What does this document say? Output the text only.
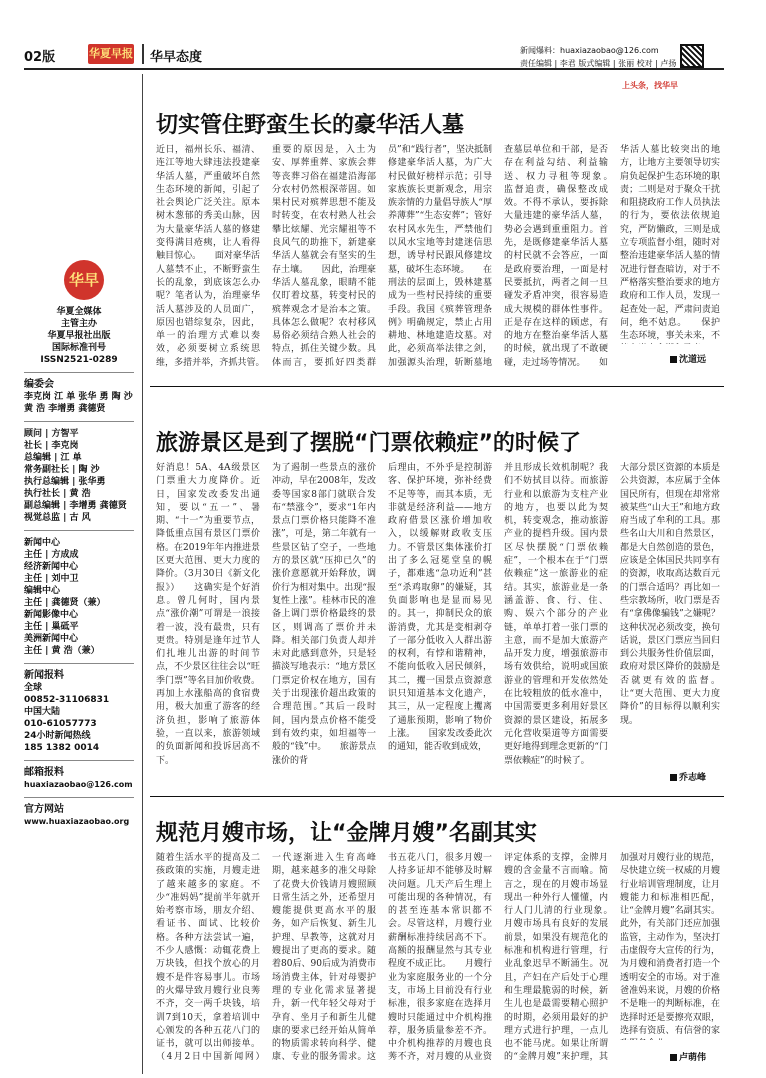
02版	华夏早报 华早态度	新闻爆料：huaxiazaobao@126.com
责任编辑 | 李君 版式编辑 | 张丽 校对 | 卢扬
上头条，找华早
华早
华夏全媒体
主管主办
华夏早报社出版
国际标准刊号
ISSN2521-0289
编委会
李克岗 江 单 张华 勇 陶 沙 黄 浩 李增勇 龚德贤
顾问 | 方智平
社长 | 李克岗
总编辑 | 江 单
常务副社长 | 陶 沙
执行总编辑 | 张华勇
执行社长 | 黄 浩
副总编辑 | 李增勇 龚德贤
视觉总监 | 古 风
新闻中心
主任 | 方成成
经济新闻中心
主任 | 刘中卫
编辑中心
主任 | 龚德贤（兼）
新闻影像中心
主任 | 巢砥平
美洲新闻中心
主任 | 黄 浩（兼）
新闻报料
全球
00852-31106831
中国大陆
010-61057773
24小时新闻热线
185 1382 0014
邮箱报料
huaxiazaobao@126.com
官方网站
www.huaxiazaobao.org
切实管住野蛮生长的豪华活人墓
近日，福州长乐、福清、连江等地大肆违法投建豪华活人墓，严重破坏自然生态环境的新闻，引起了社会舆论广泛关注。原本树木葱郁的秀美山脉，因为大量豪华活人墓的修建变得满目疮痍，让人看得触目惊心。　　面对豪华活人墓禁不止，不断野蛮生长的乱象，到底该怎么办呢？笔者认为，治理豪华活人墓涉及的人员面广，原因也错综复杂，因此，单一的治理方式难以奏效，必须要树立系统思维，多措并举，齐抓共管。　　
重要的原因是，入土为安、厚葬重葬、家族会葬等丧葬习俗在福建沿海部分农村仍然根深蒂固。如果村民对殡葬思想不能及时转变，在农村熟人社会攀比炫耀、光宗耀祖等不良风气的助推下，新建豪华活人墓就会有坚实的生存土壤。　　因此，治理豪华活人墓乱象，眼睛不能仅盯着坟墓，转变村民的殡葬观念才是治本之策。具体怎么做呢？农村移风易俗必须结合熟人社会的特点，抓住关键少数。具体而言，要抓好四类群
员”和“践行者”，坚决抵制修建豪华活人墓，为广大村民做好榜样示范；引导家族族长更新观念，用宗族亲情的力量倡导族人“厚养薄葬”“生态安葬”；管好农村风水先生，严禁他们以风水宝地等封建迷信思想，诱导村民跟风修建坟墓，破坏生态环境。　　在刑法的层面上，毁林建墓成为一些村民持续的重要手段。我国《殡葬管理条例》明确规定，禁止占用耕地、林地建造坟墓。对此，必须高举法律之剑，加强源头治理，斩断墓地
查墓层单位和干部，是否存在利益勾结、利益输送、权力寻租等现象。　　监督追责，确保整改成效。不得不承认，要拆除大量违建的豪华活人墓，势必会遇到重重阻力。首先，是既修建豪华活人墓的村民就不会答应，一面是政府要治理，一面是村民要抵抗，两者之间一旦碰发矛盾冲突，很容易造成大规模的群体性事件。正是存在这样的顾虑，有的地方在整治豪华活人墓的时候，就出现了不敢硬碰，走过场等情况。　　如
华活人墓比较突出的地方，让地方主要领导切实肩负起保护生态环境的职责；二则是对于聚众干扰和阻挠政府工作人员执法的行为，要依法依规追究，严防懒政，三则是成立专项监督小组，随时对整治违建豪华活人墓的情况进行督查暗访，对于不严格落实整治要求的地方政府和工作人员，发现一起查处一起，严肃问责追问，绝不姑息。　　保护生态环境，事关未来，不
沈道远
旅游景区是到了摆脱“门票依赖症”的时候了
好消息！5A、4A级景区门票重大力度降价。近日，国家发改委发出通知，要以“五一”、暑期、“十一”为重要节点，降低重点国有景区门票价格。在2019年年内推进景区更大范围、更大力度的降价。（3月30日《新文化报》）　　这确实是个好消息。曾几何时，国内景点“涨价潮”可谓是一浪接着一波，没有最贵，只有更贵。特别是逢年过节人们扎堆儿出游的时间节点，不少景区往往会以“旺季门票”等名目加价收费。再加上水涨船高的食宿费用，极大加重了游客的经济负担，影响了旅游体验，一直以来，旅游领域的负面新闻和投诉居高不下。
为了遏制一些景点的涨价冲动，早在2008年，发改委等国家8部门就联合发布“禁涨令”，要求“1年内景点门票价格只能降不准涨”，可是，第二年就有一些景区钻了空子，一些地方的景区就“压抑已久”的涨价意愿就开始释放，调价行为相对集中。出现“报复性上涨”。桂林市民的准备上调门票价格最终的景区，则调高了票价并未降。相关部门负责人却并未对此感到意外，只是轻描淡写地表示：“地方景区门票定价权在地方，国有关于出现涨价超出政策的合理范围。”其后一段时间，国内景点价格不能受到有效约束，如坦福等一般的“钱”中。　　旅游景点涨价的背
后理由，不外乎是控制游客、保护环境，弥补经费不足等等，而其本质，无非就是经济利益——地方政府借景区涨价增加收入，以缓解财政收支压力。不管景区集体涨价打出了多么冠冕堂皇的幌子，都难逃“急功近利”甚至“杀鸡取卵”的嫌疑，其负面影响也是显而易见的。其一，抑制民众的旅游消费，尤其是变相剥夺了一部分低收入人群出游的权利，有悖和谐精神，不能向低收入居民倾斜，其二，攫一国景点资源意识只知道基本文化遗产，其三，从一定程度上攫离了通胀预期，影响了物价上涨。　　国家发改委此次的通知，能否收到成效，
并且形成长效机制呢？我们不妨拭目以待。而旅游行业和以旅游为支柱产业的地方，也要以此为契机，转变观念，推动旅游产业的提档升级。国内景区尽快摆脱“门票依赖症”，一个根本在于“门票依赖症”这一旅游业的症结。其实，旅游业是一条涵盖游、食、行、住、购、娱六个部分的产业链，单单打着一张门票的主意，而不是加大旅游产品开发力度，增强旅游市场有效供给，说明或国旅游业的管理和开发依然处在比较粗放的低水准中，中国需要更多利用好景区资源的景区建设，拓展多元化营收渠道等方面需要更好地得到理念更新的“门票依赖症”的时候了。
大部分景区资源的本质是公共资源，本应属于全体国民所有，但现在却常常被某些“山大王”和地方政府当成了牟利的工具。那些名山大川和自然景区，都是大自然创造的景色，应该是全体国民共同享有的资源，收取高达数百元的门票合适吗？再比如一些宗教场所，收门票是否有“拿佛像骗钱”之嫌呢？这种状况必须改变，换句话说，景区门票应当回归到公共服务性价值层面，政府对景区降价的鼓励是否就更有效的监督。让“更大范围、更大力度降价”的目标得以顺利实现。
乔志峰
规范月嫂市场，让“金牌月嫂”名副其实
随着生活水平的提高及二孩政策的实施，月嫂走进了越来越多的家庭。不少“准妈妈”提前半年就开始考察市场，朋友介绍、看证书、面试、比较价格。各种方法尝试一遍，不少人感慨：动辄花费上万块钱，但找个放心的月嫂不是件容易事儿。市场的火爆导致月嫂行业良莠不齐，交一两千块钱，培训7到10天，拿着培训中心颁发的各种五花八门的证书，就可以出师接单。（4月2日中国新闻网）　　
一代逐渐进入生育高峰期，越来越多的准父母除了花费大价钱请月嫂照顾日常生活之外，还希望月嫂能提供更高水平的服务，如产后恢复、新生儿护理、早教等，这就对月嫂提出了更高的要求。随着80后、90后成为消费市场消费主体，针对母婴护理的专业化需求显著提升，新一代年轻父母对于孕育、坐月子和新生儿健康的要求已经开始从简单的物质需求转向科学、健康、专业的服务需求。这　　
书五花八门，很多月嫂一人持多证却不能够及时解决问题。几天产后生理上可能出现的各种情况，有的甚至连基本常识都不会。尽管这样，月嫂行业薪酬标准持续居高不下。高额的报酬显然与其专业程度不成正比。　　月嫂行业为家庭服务业的一个分支，市场上目前没有行业标准，很多家庭在选择月嫂时只能通过中介机构推荐，服务质量参差不齐。中介机构推荐的月嫂也良莠不齐，对月嫂的从业资
评定体系的支撑，金牌月嫂的含金量不言而喻。简言之，现在的月嫂市场显现出一种外行人懂懂，内行人门儿清的行业现象。　　月嫂市场具有良好的发展前景，如果没有规范化的标准和机构进行管理，行业乱象迟早不断涌生。况且，产妇在产后处于心理和生理最脆弱的时候，新生儿也是最需要精心照护的时期，必须用最好的护理方式进行护理，一点儿也不能马虎。如果让所谓的“金牌月嫂”来护理，其　　
加强对月嫂行业的规范，尽快建立统一权威的月嫂行业培训管理制度，让月嫂能力和标准相匹配，让“金牌月嫂”名副其实。此外，有关部门还应加强监管，主动作为，坚决打击虚假夸大宣传的行为，为月嫂和消费者打造一个透明安全的市场。对于准爸准妈来说，月嫂的价格不是唯一的判断标准，在选择时还是要擦亮双眼，选择有资质、有信誉的家
卢萌伟
